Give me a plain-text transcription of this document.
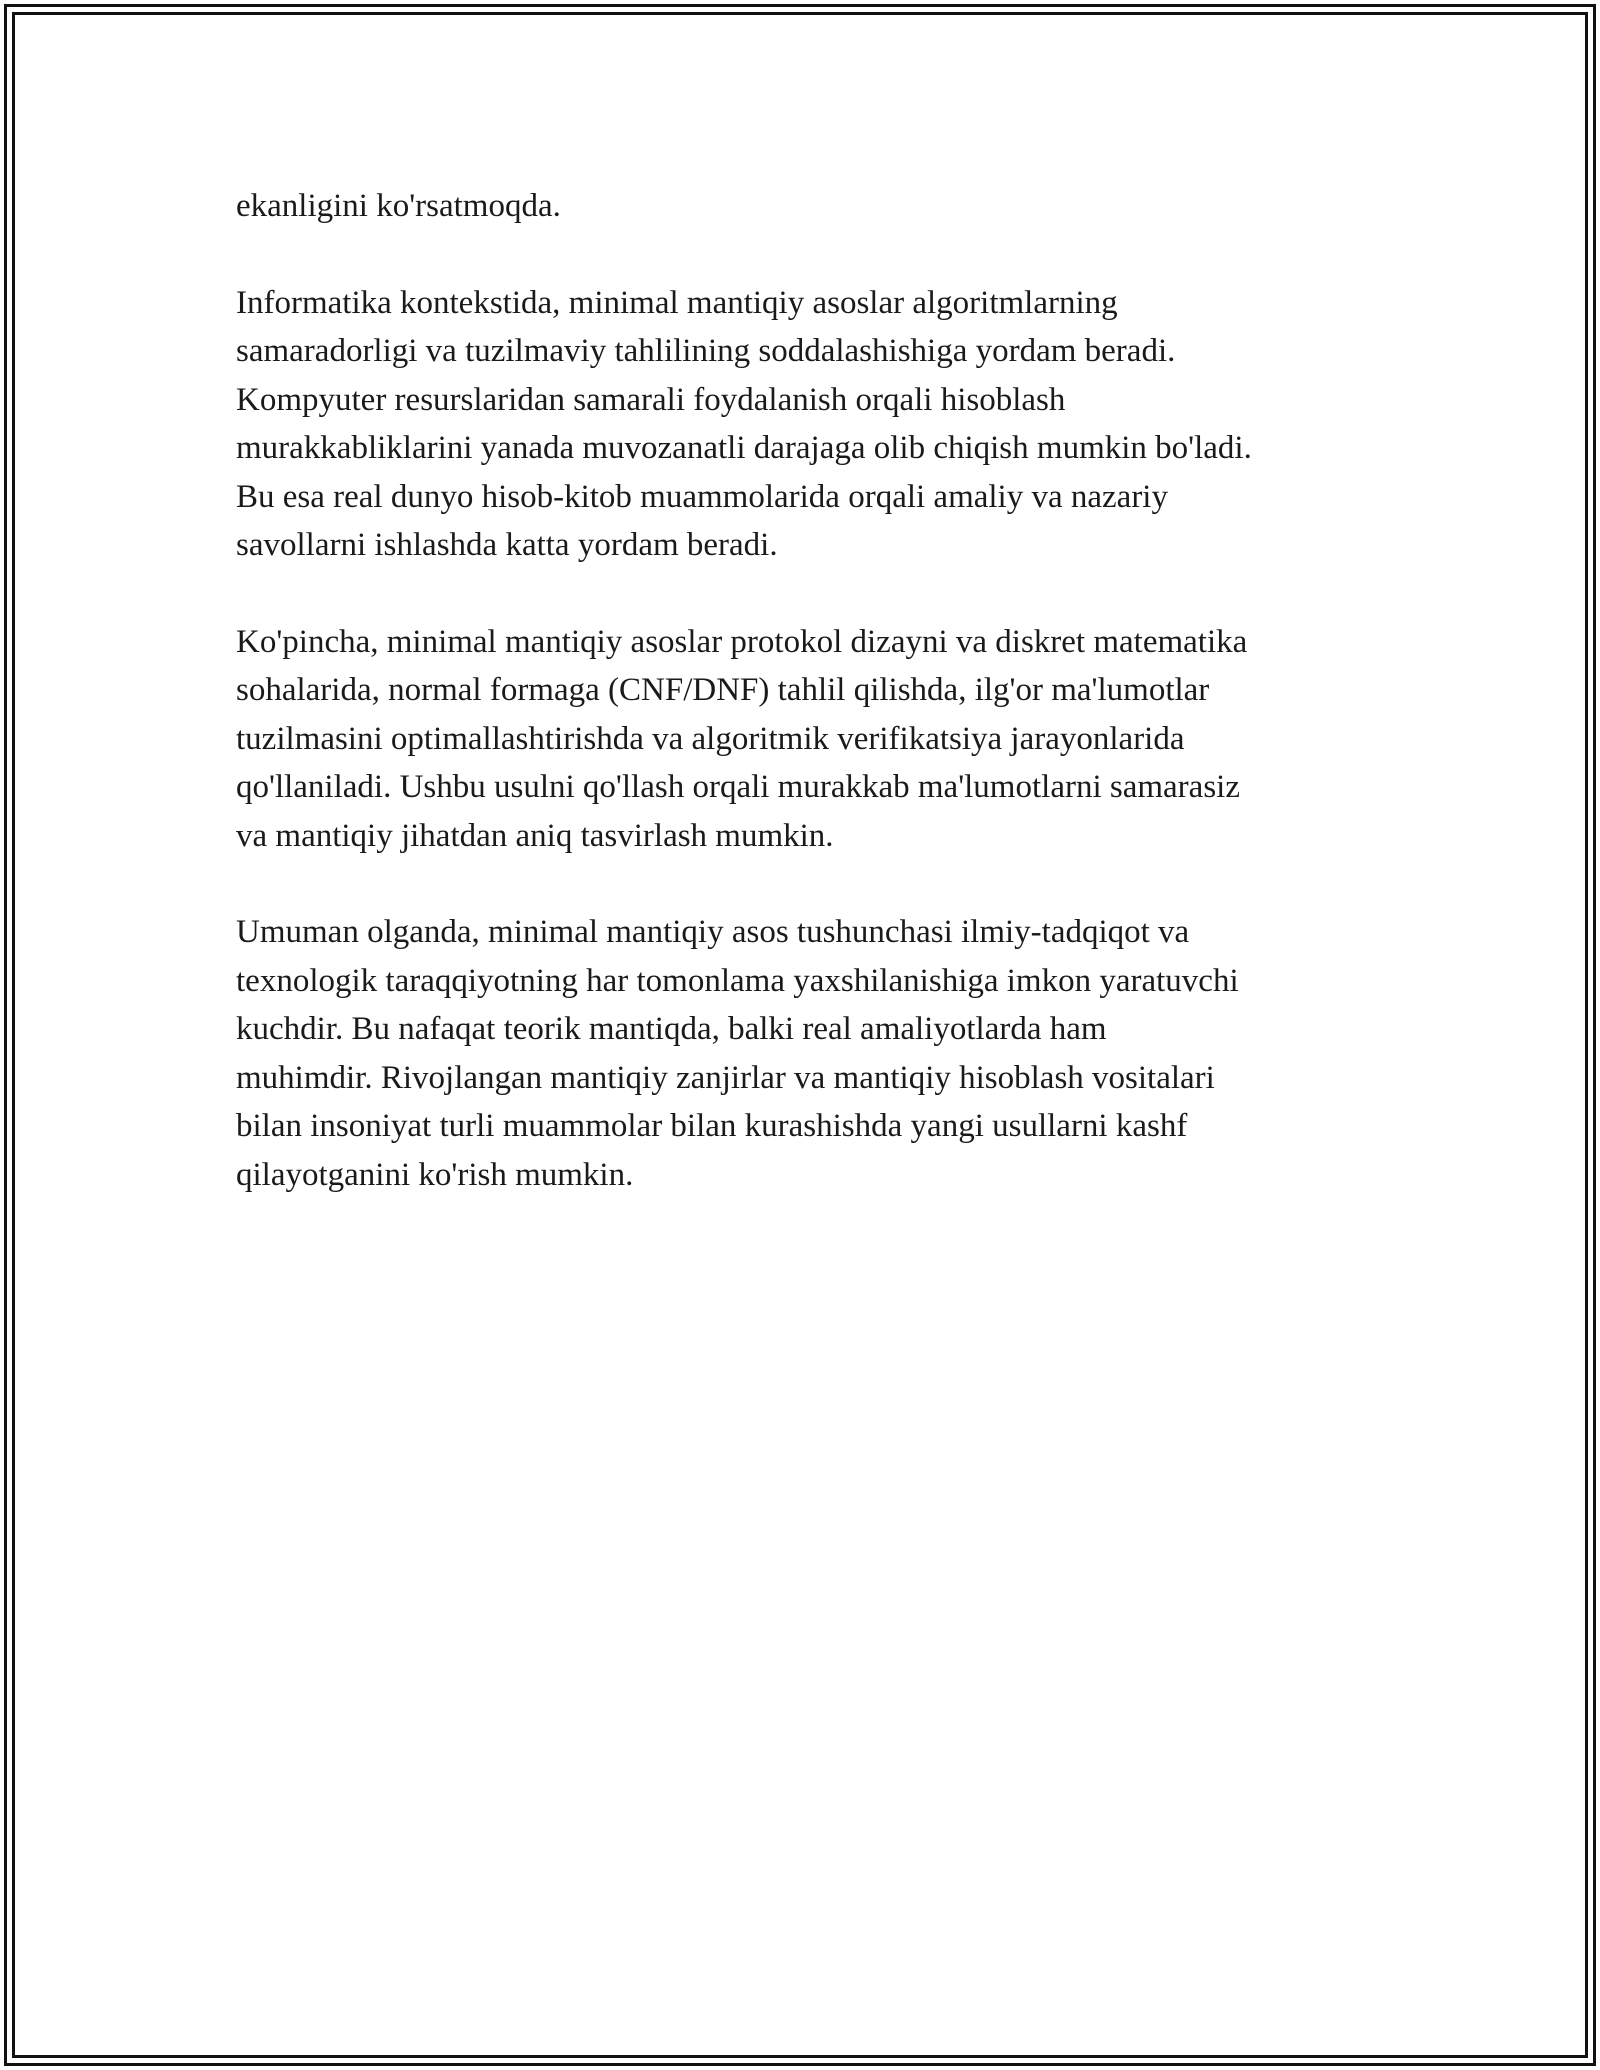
ekanligini ko'rsatmoqda.

Informatika kontekstida, minimal mantiqiy asoslar algoritmlarning
samaradorligi va tuzilmaviy tahlilining soddalashishiga yordam beradi.
Kompyuter resurslaridan samarali foydalanish orqali hisoblash
murakkabliklarini yanada muvozanatli darajaga olib chiqish mumkin bo'ladi.
Bu esa real dunyo hisob-kitob muammolarida orqali amaliy va nazariy
savollarni ishlashda katta yordam beradi.

Ko'pincha, minimal mantiqiy asoslar protokol dizayni va diskret matematika
sohalarida, normal formaga (CNF/DNF) tahlil qilishda, ilg'or ma'lumotlar
tuzilmasini optimallashtirishda va algoritmik verifikatsiya jarayonlarida
qo'llaniladi. Ushbu usulni qo'llash orqali murakkab ma'lumotlarni samarasiz
va mantiqiy jihatdan aniq tasvirlash mumkin.

Umuman olganda, minimal mantiqiy asos tushunchasi ilmiy-tadqiqot va
texnologik taraqqiyotning har tomonlama yaxshilanishiga imkon yaratuvchi
kuchdir. Bu nafaqat teorik mantiqda, balki real amaliyotlarda ham
muhimdir. Rivojlangan mantiqiy zanjirlar va mantiqiy hisoblash vositalari
bilan insoniyat turli muammolar bilan kurashishda yangi usullarni kashf
qilayotganini ko'rish mumkin.
